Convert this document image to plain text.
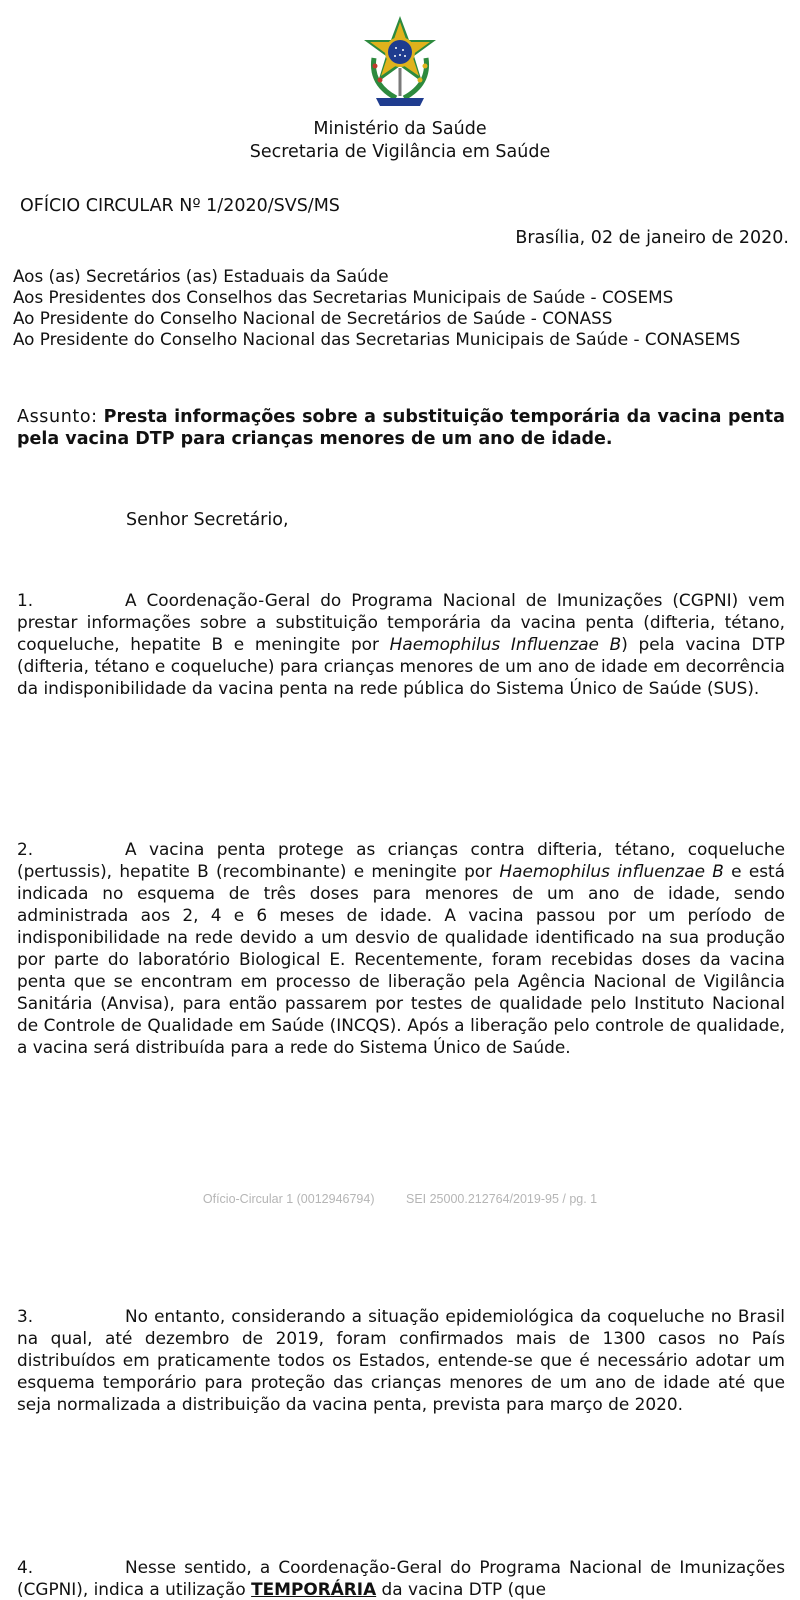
Ministério da Saúde
Secretaria de Vigilância em Saúde
OFÍCIO CIRCULAR Nº 1/2020/SVS/MS
Brasília, 02 de janeiro de 2020.
Aos (as) Secretários (as) Estaduais da Saúde
Aos Presidentes dos Conselhos das Secretarias Municipais de Saúde - COSEMS
Ao Presidente do Conselho Nacional de Secretários de Saúde - CONASS
Ao Presidente do Conselho Nacional das Secretarias Municipais de Saúde - CONASEMS
Assunto: Presta informações sobre a substituição temporária da vacina penta pela vacina DTP para crianças menores de um ano de idade.
Senhor Secretário,
1.	A Coordenação-Geral do Programa Nacional de Imunizações (CGPNI) vem prestar informações sobre a substituição temporária da vacina penta (difteria, tétano, coqueluche, hepatite B e meningite por Haemophilus Influenzae B) pela vacina DTP (difteria, tétano e coqueluche) para crianças menores de um ano de idade em decorrência da indisponibilidade da vacina penta na rede pública do Sistema Único de Saúde (SUS).
2.	A vacina penta protege as crianças contra difteria, tétano, coqueluche (pertussis), hepatite B (recombinante) e meningite por Haemophilus influenzae B e está indicada no esquema de três doses para menores de um ano de idade, sendo administrada aos 2, 4 e 6 meses de idade. A vacina passou por um período de indisponibilidade na rede devido a um desvio de qualidade identificado na sua produção por parte do laboratório Biological E. Recentemente, foram recebidas doses da vacina penta que se encontram em processo de liberação pela Agência Nacional de Vigilância Sanitária (Anvisa), para então passarem por testes de qualidade pelo Instituto Nacional de Controle de Qualidade em Saúde (INCQS). Após a liberação pelo controle de qualidade, a vacina será distribuída para a rede do Sistema Único de Saúde.
3.	No entanto, considerando a situação epidemiológica da coqueluche no Brasil na qual, até dezembro de 2019, foram confirmados mais de 1300 casos no País distribuídos em praticamente todos os Estados, entende-se que é necessário adotar um esquema temporário para proteção das crianças menores de um ano de idade até que seja normalizada a distribuição da vacina penta, prevista para março de 2020.
4.	Nesse sentido, a Coordenação-Geral do Programa Nacional de Imunizações (CGPNI), indica a utilização TEMPORÁRIA da vacina DTP (que
Ofício-Circular 1 (0012946794)	SEI 25000.212764/2019-95 / pg. 1
